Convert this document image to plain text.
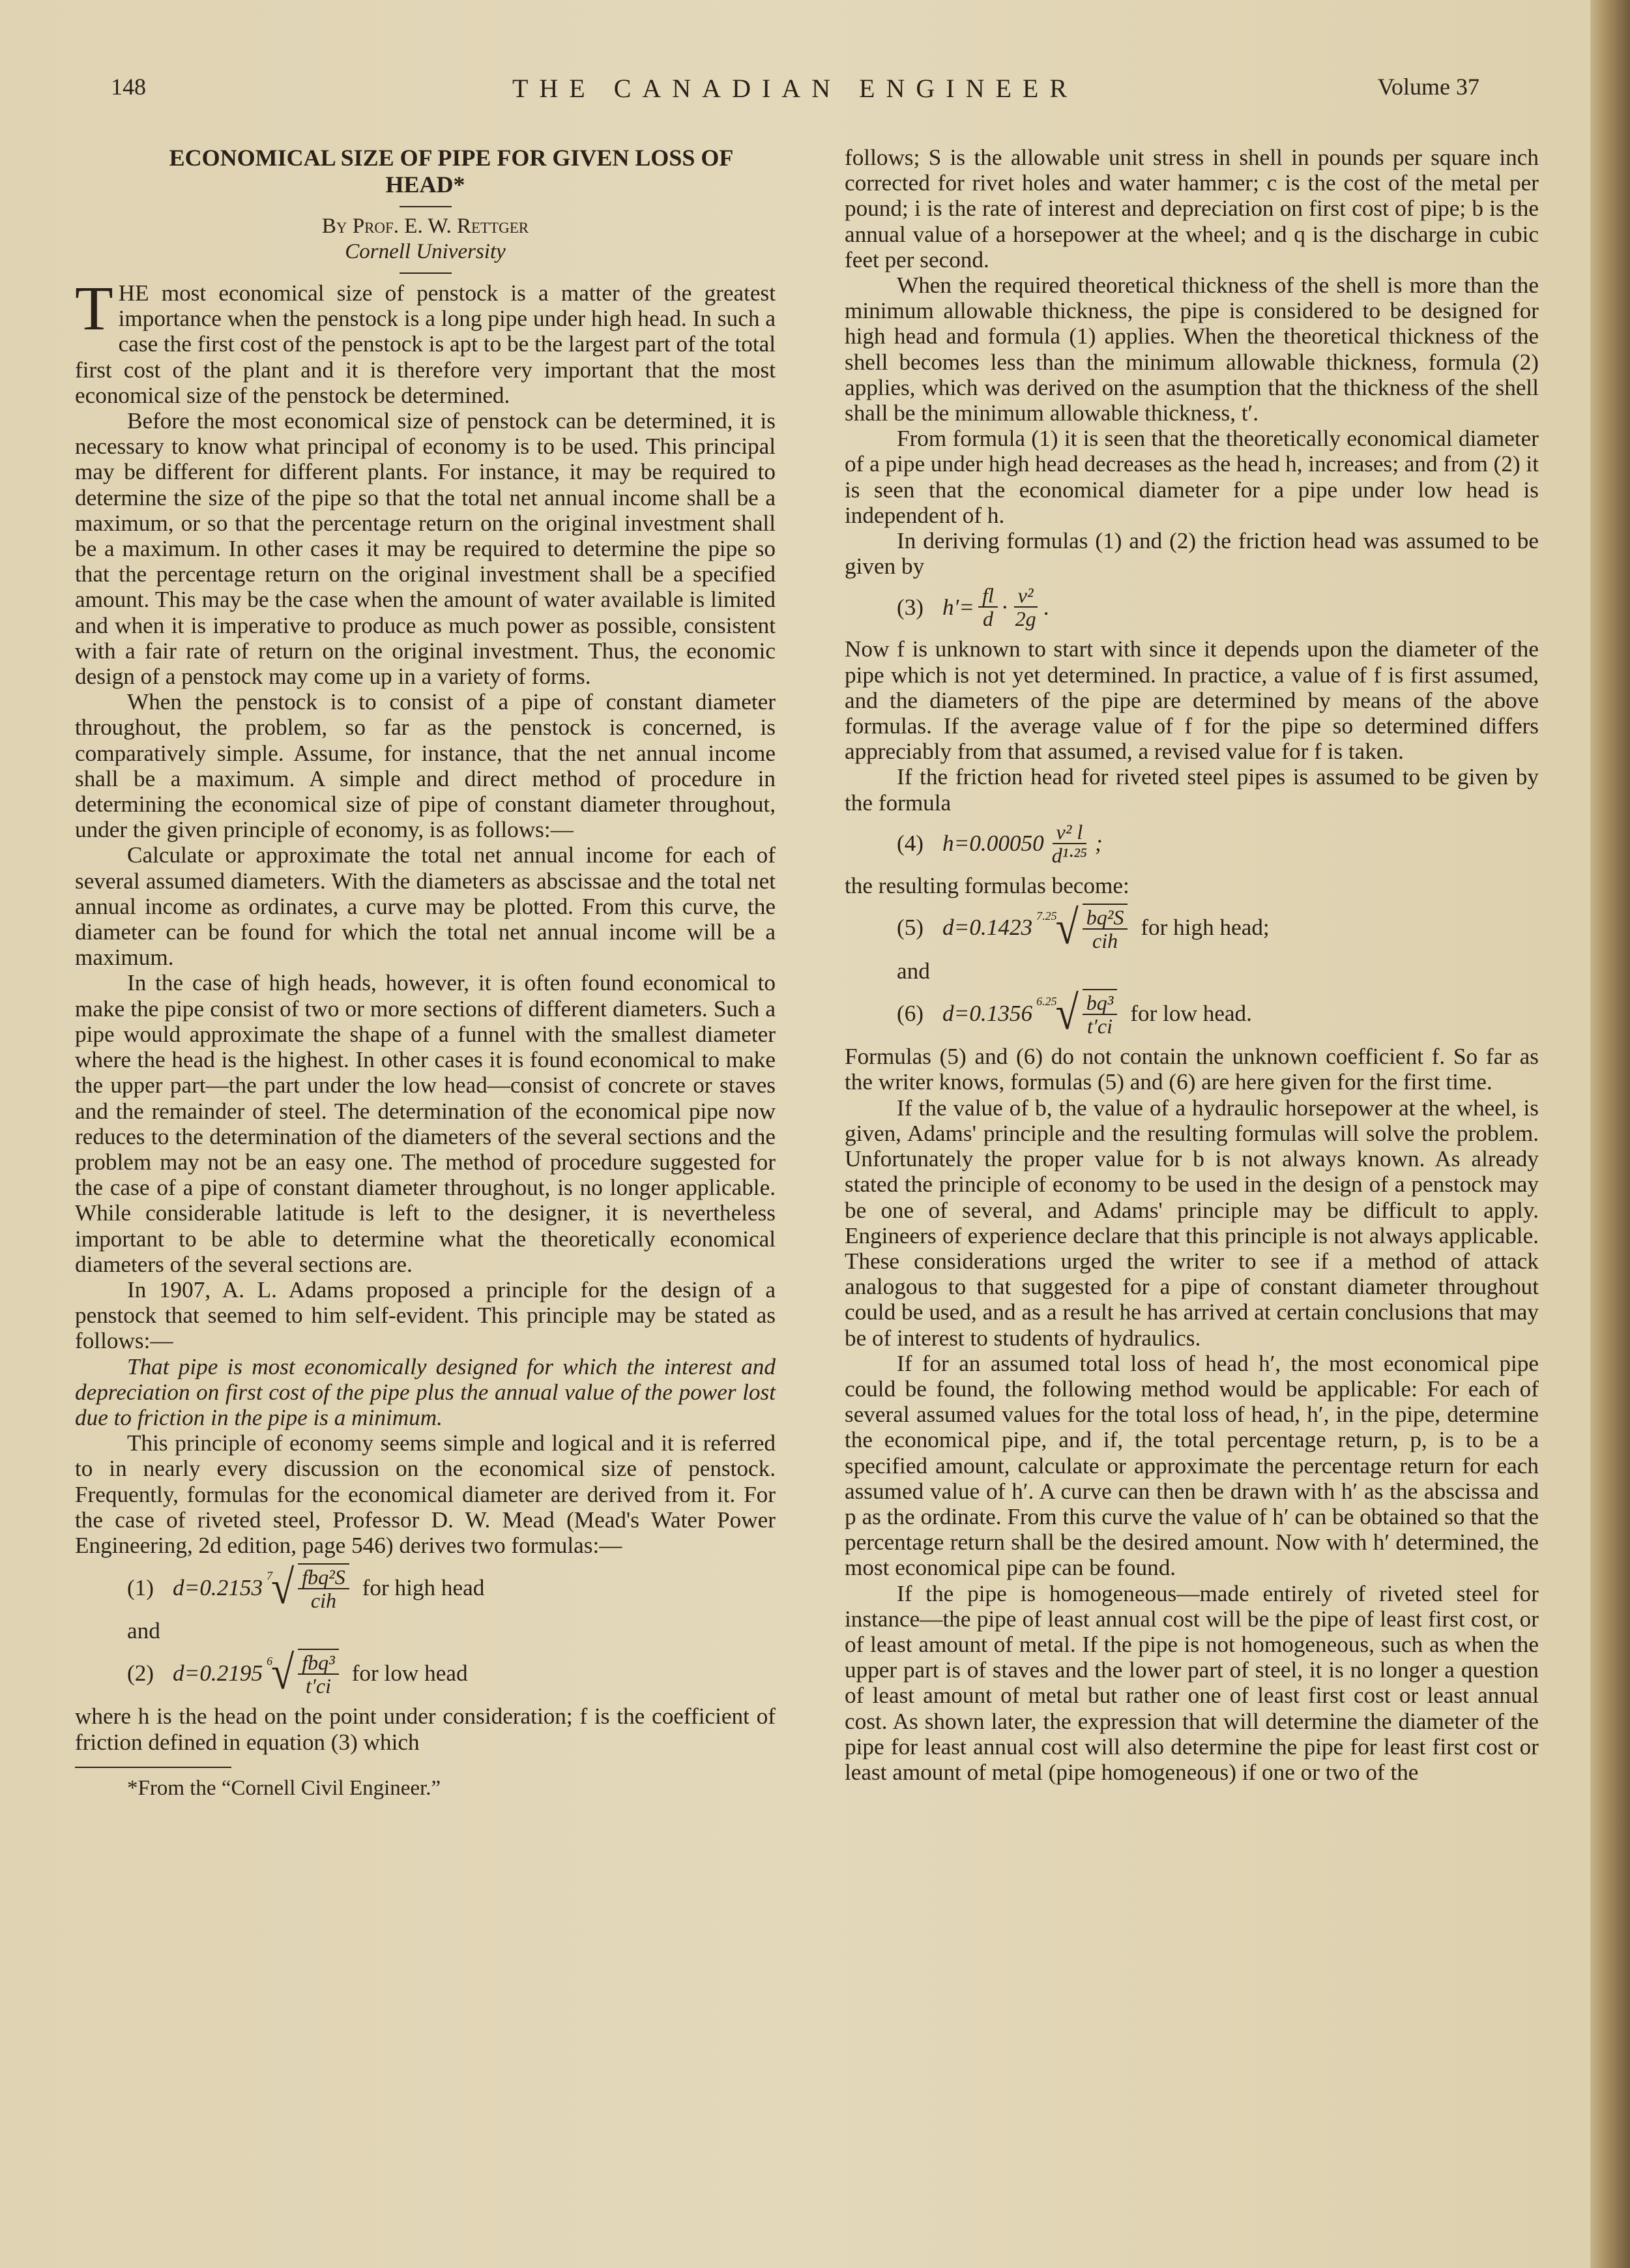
148	THE CANADIAN ENGINEER	Volume 37

ECONOMICAL SIZE OF PIPE FOR GIVEN LOSS OF HEAD*

By Prof. E. W. Rettger

Cornell University

THE most economical size of penstock is a matter of the greatest importance when the penstock is a long pipe under high head. In such a case the first cost of the penstock is apt to be the largest part of the total first cost of the plant and it is therefore very important that the most economical size of the penstock be determined.

Before the most economical size of penstock can be determined, it is necessary to know what principal of economy is to be used. This principal may be different for different plants. For instance, it may be required to determine the size of the pipe so that the total net annual income shall be a maximum, or so that the percentage return on the original investment shall be a maximum. In other cases it may be required to determine the pipe so that the percentage return on the original investment shall be a specified amount. This may be the case when the amount of water available is limited and when it is imperative to produce as much power as possible, consistent with a fair rate of return on the original investment. Thus, the economic design of a penstock may come up in a variety of forms.

When the penstock is to consist of a pipe of constant diameter throughout, the problem, so far as the penstock is concerned, is comparatively simple. Assume, for instance, that the net annual income shall be a maximum. A simple and direct method of procedure in determining the economical size of pipe of constant diameter throughout, under the given principle of economy, is as follows:—

Calculate or approximate the total net annual income for each of several assumed diameters. With the diameters as abscissae and the total net annual income as ordinates, a curve may be plotted. From this curve, the diameter can be found for which the total net annual income will be a maximum.

In the case of high heads, however, it is often found economical to make the pipe consist of two or more sections of different diameters. Such a pipe would approximate the shape of a funnel with the smallest diameter where the head is the highest. In other cases it is found economical to make the upper part—the part under the low head—consist of concrete or staves and the remainder of steel. The determination of the economical pipe now reduces to the determination of the diameters of the several sections and the problem may not be an easy one. The method of procedure suggested for the case of a pipe of constant diameter throughout, is no longer applicable. While considerable latitude is left to the designer, it is nevertheless important to be able to determine what the theoretically economical diameters of the several sections are.

In 1907, A. L. Adams proposed a principle for the design of a penstock that seemed to him self-evident. This principle may be stated as follows:—

That pipe is most economically designed for which the interest and depreciation on first cost of the pipe plus the annual value of the power lost due to friction in the pipe is a minimum.

This principle of economy seems simple and logical and it is referred to in nearly every discussion on the economical size of penstock. Frequently, formulas for the economical diameter are derived from it. For the case of riveted steel, Professor D. W. Mead (Mead's Water Power Engineering, 2d edition, page 546) derives two formulas:—

(1) d=0.2153 7
√ $\frac{\text{fbq²S}}{\text{cih}}$ for high head

and

(2) d=0.2195 6
√ $\frac{\text{fbq³}}{t'ci}$ for low head

where h is the head on the point under consideration; f is the coefficient of friction defined in equation (3) which

*From the “Cornell Civil Engineer.”

follows; S is the allowable unit stress in shell in pounds per square inch corrected for rivet holes and water hammer; c is the cost of the metal per pound; i is the rate of interest and depreciation on first cost of pipe; b is the annual value of a horsepower at the wheel; and q is the discharge in cubic feet per second.

When the required theoretical thickness of the shell is more than the minimum allowable thickness, the pipe is considered to be designed for high head and formula (1) applies. When the theoretical thickness of the shell becomes less than the minimum allowable thickness, formula (2) applies, which was derived on the asumption that the thickness of the shell shall be the minimum allowable thickness, t′.

From formula (1) it is seen that the theoretically economical diameter of a pipe under high head decreases as the head h, increases; and from (2) it is seen that the economical diameter for a pipe under low head is independent of h.

In deriving formulas (1) and (2) the friction head was assumed to be given by

(3) $h'= \frac{fl}{d} \cdot \frac{\text{v²}}{2g}$ .

Now f is unknown to start with since it depends upon the diameter of the pipe which is not yet determined. In practice, a value of f is first assumed, and the diameters of the pipe are determined by means of the above formulas. If the average value of f for the pipe so determined differs appreciably from that assumed, a revised value for f is taken.

If the friction head for riveted steel pipes is assumed to be given by the formula

(4) $h=0.00050 \frac{\text{v² l}}{\text{d¹·²⁵}}$ ;

the resulting formulas become:

(5) d=0.1423 7.25
√ $\frac{\text{bq²S}}{\text{cih}}$ for high head;

and

(6) d=0.1356 6.25
√ $\frac{\text{bq³}}{t'ci}$ for low head.

Formulas (5) and (6) do not contain the unknown coefficient f. So far as the writer knows, formulas (5) and (6) are here given for the first time.

If the value of b, the value of a hydraulic horsepower at the wheel, is given, Adams' principle and the resulting formulas will solve the problem. Unfortunately the proper value for b is not always known. As already stated the principle of economy to be used in the design of a penstock may be one of several, and Adams' principle may be difficult to apply. Engineers of experience declare that this principle is not always applicable. These considerations urged the writer to see if a method of attack analogous to that suggested for a pipe of constant diameter throughout could be used, and as a result he has arrived at certain conclusions that may be of interest to students of hydraulics.

If for an assumed total loss of head h′, the most economical pipe could be found, the following method would be applicable: For each of several assumed values for the total loss of head, h′, in the pipe, determine the economical pipe, and if, the total percentage return, p, is to be a specified amount, calculate or approximate the percentage return for each assumed value of h′. A curve can then be drawn with h′ as the abscissa and p as the ordinate. From this curve the value of h′ can be obtained so that the percentage return shall be the desired amount. Now with h′ determined, the most economical pipe can be found.

If the pipe is homogeneous—made entirely of riveted steel for instance—the pipe of least annual cost will be the pipe of least first cost, or of least amount of metal. If the pipe is not homogeneous, such as when the upper part is of staves and the lower part of steel, it is no longer a question of least amount of metal but rather one of least first cost or least annual cost. As shown later, the expression that will determine the diameter of the pipe for least annual cost will also determine the pipe for least first cost or least amount of metal (pipe homogeneous) if one or two of the
